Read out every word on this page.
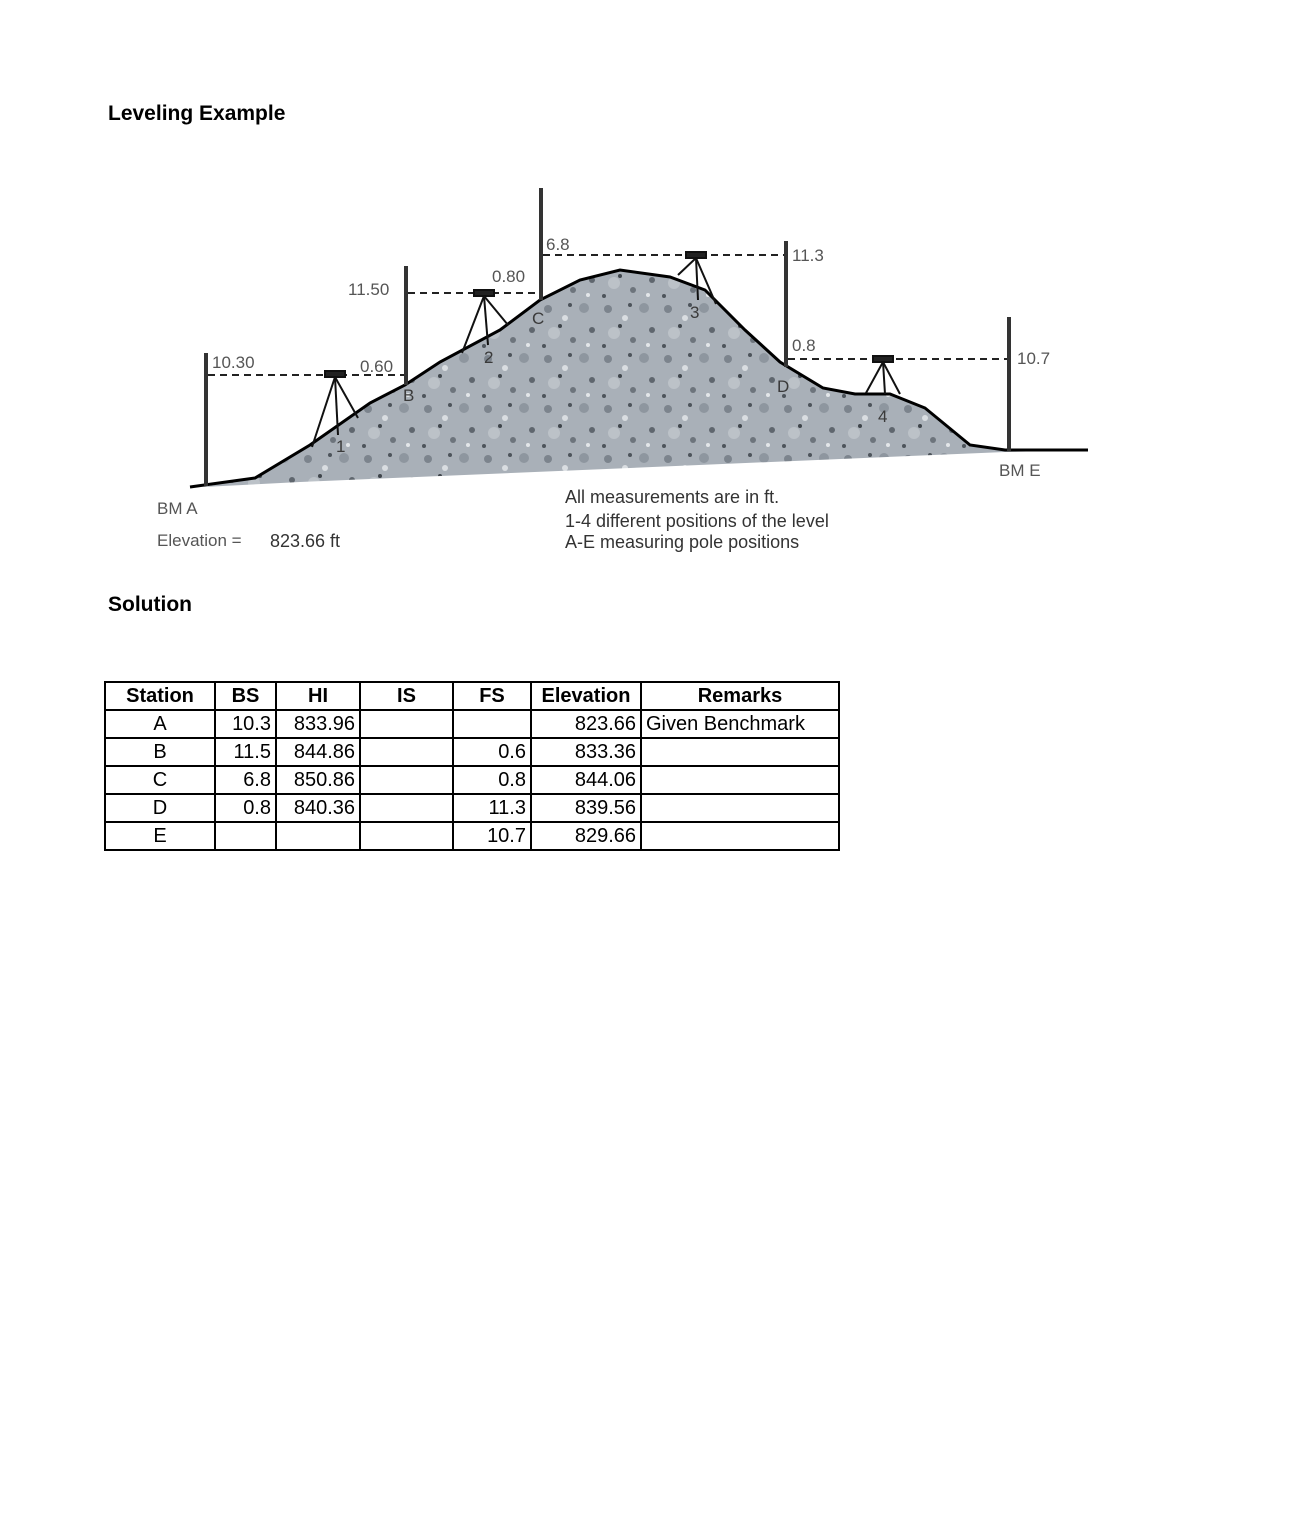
Leveling Example
10.30	0.60
11.50
0.80
6.8
11.3
0.8
10.7
B
C
D
1
2
3
4
BM A
BM E
Elevation = 823.66 ft
All measurements are in ft.
1-4 different positions of the level
A-E measuring pole positions
Solution
Station	BS	HI	IS	FS	Elevation	Remarks
A	10.3	833.96			823.66	Given Benchmark
B	11.5	844.86		0.6	833.36	
C	6.8	850.86		0.8	844.06	
D	0.8	840.36		11.3	839.56	
E				10.7	829.66	
